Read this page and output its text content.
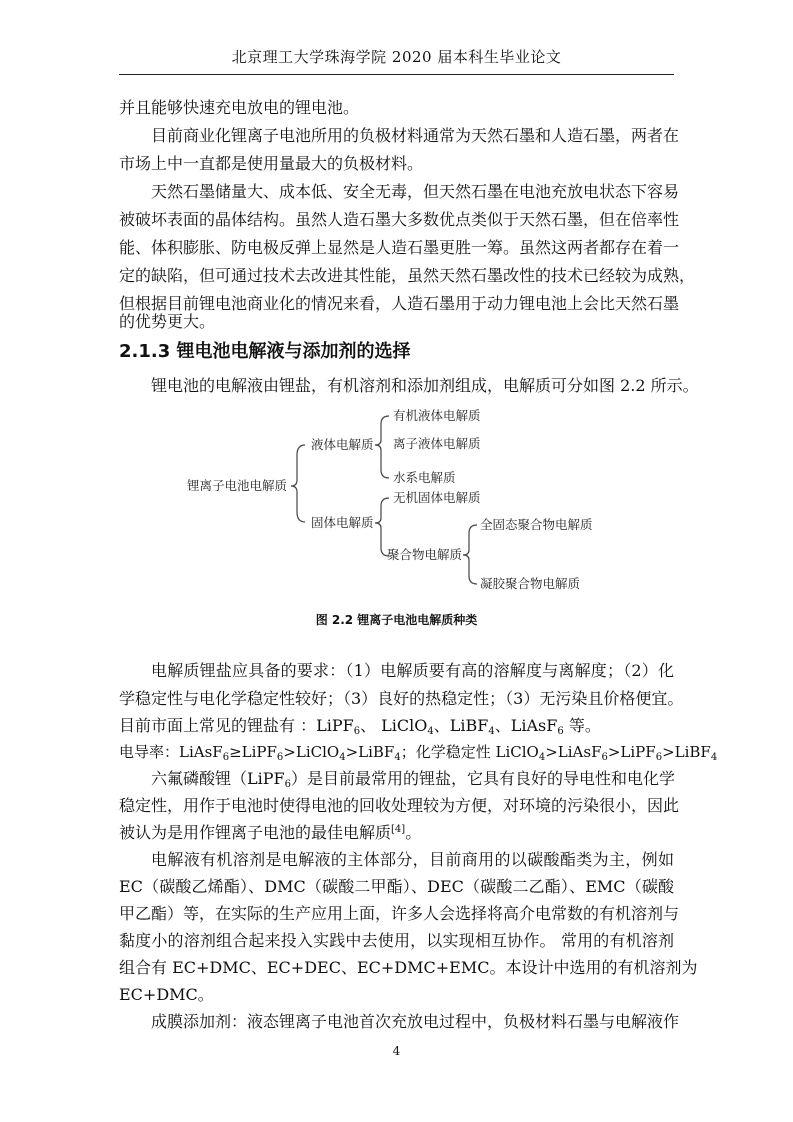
北京理工大学珠海学院 2020 届本科生毕业论文
并且能够快速充电放电的锂电池。
目前商业化锂离子电池所用的负极材料通常为天然石墨和人造石墨，两者在
市场上中一直都是使用量最大的负极材料。
天然石墨储量大、成本低、安全无毒，但天然石墨在电池充放电状态下容易
被破坏表面的晶体结构。虽然人造石墨大多数优点类似于天然石墨，但在倍率性
能、体积膨胀、防电极反弹上显然是人造石墨更胜一筹。虽然这两者都存在着一
定的缺陷，但可通过技术去改进其性能，虽然天然石墨改性的技术已经较为成熟，
但根据目前锂电池商业化的情况来看，人造石墨用于动力锂电池上会比天然石墨
的优势更大。
2.1.3 锂电池电解液与添加剂的选择
锂电池的电解液由锂盐，有机溶剂和添加剂组成，电解质可分如图 2.2 所示。
锂离子电池电解质
液体电解质
有机液体电解质
离子液体电解质
水系电解质
固体电解质
无机固体电解质
聚合物电解质
全固态聚合物电解质
凝胶聚合物电解质
图 2.2 锂离子电池电解质种类
电解质锂盐应具备的要求：（1）电解质要有高的溶解度与离解度；（2）化
学稳定性与电化学稳定性较好；（3）良好的热稳定性；（3）无污染且价格便宜。
目前市面上常见的锂盐有 ：LiPF$_6$、 LiClO$_4$、LiBF$_4$、LiAsF$_6$ 等。
电导率：LiAsF$_6$≥LiPF$_6$>LiClO$_4$>LiBF$_4$；化学稳定性 LiClO$_4$>LiAsF$_6$>LiPF$_6$>LiBF$_4$
六氟磷酸锂（LiPF$_6$）是目前最常用的锂盐，它具有良好的导电性和电化学
稳定性，用作于电池时使得电池的回收处理较为方便，对环境的污染很小，因此
被认为是用作锂离子电池的最佳电解质[4]。
电解液有机溶剂是电解液的主体部分，目前商用的以碳酸酯类为主，例如
EC（碳酸乙烯酯）、DMC（碳酸二甲酯）、DEC（碳酸二乙酯）、EMC（碳酸
甲乙酯）等，在实际的生产应用上面，许多人会选择将高介电常数的有机溶剂与
黏度小的溶剂组合起来投入实践中去使用，以实现相互协作。 常用的有机溶剂
组合有 EC+DMC、EC+DEC、EC+DMC+EMC。本设计中选用的有机溶剂为
EC+DMC。
成膜添加剂：液态锂离子电池首次充放电过程中，负极材料石墨与电解液作
4
